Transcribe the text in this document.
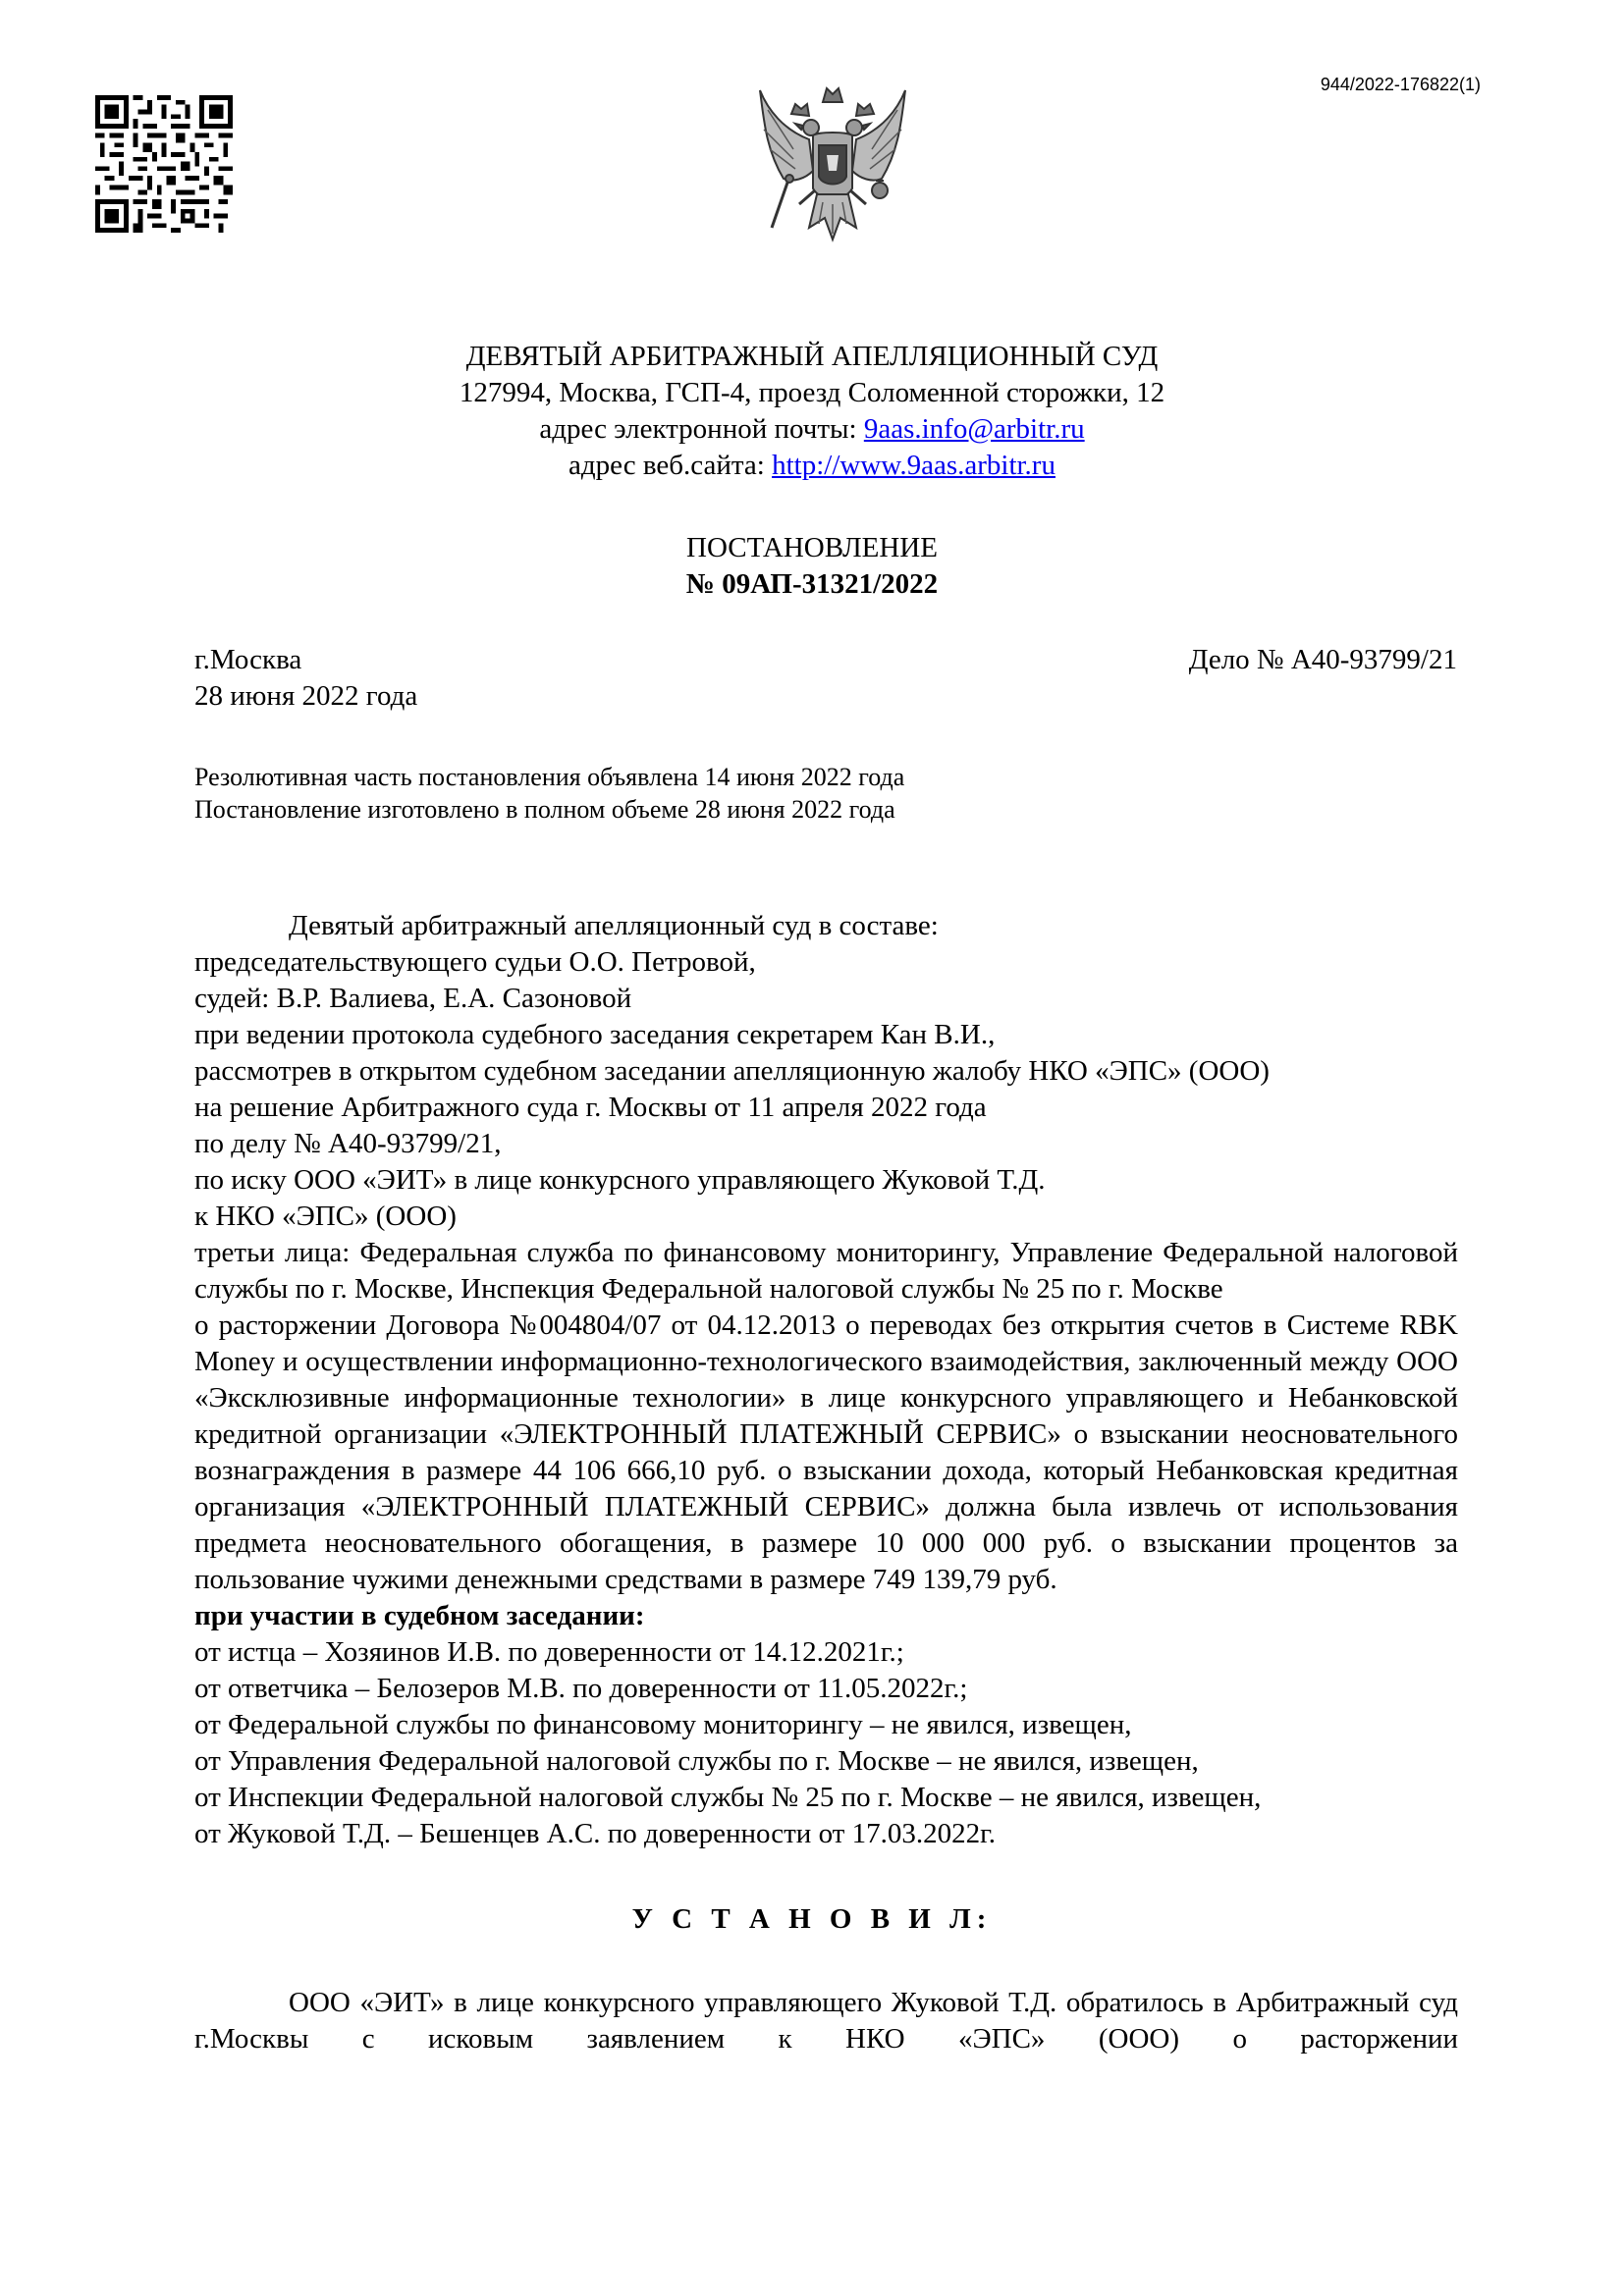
944/2022-176822(1)
ДЕВЯТЫЙ АРБИТРАЖНЫЙ АПЕЛЛЯЦИОННЫЙ СУД
127994, Москва, ГСП-4, проезд Соломенной сторожки, 12
адрес электронной почты: 9aas.info@arbitr.ru
адрес веб.сайта: http://www.9aas.arbitr.ru
ПОСТАНОВЛЕНИЕ
№ 09АП-31321/2022
г.Москва
28 июня 2022 года
Дело № А40-93799/21
Резолютивная часть постановления объявлена 14 июня 2022 года
Постановление изготовлено в полном объеме 28 июня 2022 года
Девятый арбитражный апелляционный суд в составе:
председательствующего судьи О.О. Петровой,
судей: В.Р. Валиева, Е.А. Сазоновой
при ведении протокола судебного заседания секретарем Кан В.И.,
рассмотрев в открытом судебном заседании апелляционную жалобу НКО «ЭПС» (ООО)
на решение Арбитражного суда г. Москвы от 11 апреля 2022 года
по делу № А40-93799/21,
по иску ООО «ЭИТ» в лице конкурсного управляющего Жуковой Т.Д.
к НКО «ЭПС» (ООО)
третьи лица: Федеральная служба по финансовому мониторингу, Управление Федеральной налоговой службы по г. Москве, Инспекция Федеральной налоговой службы № 25 по г. Москве
о расторжении Договора №004804/07 от 04.12.2013 о переводах без открытия счетов в Системе RBK Money и осуществлении информационно-технологического взаимодействия, заключенный между ООО «Эксклюзивные информационные технологии» в лице конкурсного управляющего и Небанковской кредитной организации «ЭЛЕКТРОННЫЙ ПЛАТЕЖНЫЙ СЕРВИС» о взыскании неосновательного вознаграждения в размере 44 106 666,10 руб. о взыскании дохода, который Небанковская кредитная организация «ЭЛЕКТРОННЫЙ ПЛАТЕЖНЫЙ СЕРВИС» должна была извлечь от использования предмета неосновательного обогащения, в размере 10 000 000 руб. о взыскании процентов за пользование чужими денежными средствами в размере 749 139,79 руб.
при участии в судебном заседании:
от истца – Хозяинов И.В. по доверенности от 14.12.2021г.;
от ответчика – Белозеров М.В. по доверенности от 11.05.2022г.;
от Федеральной службы по финансовому мониторингу – не явился, извещен,
от Управления Федеральной налоговой службы по г. Москве – не явился, извещен,
от Инспекции Федеральной налоговой службы № 25 по г. Москве – не явился, извещен,
от Жуковой Т.Д. – Бешенцев А.С. по доверенности от 17.03.2022г.
У С Т А Н О В И Л:
ООО «ЭИТ» в лице конкурсного управляющего Жуковой Т.Д. обратилось в Арбитражный суд г.Москвы с исковым заявлением к НКО «ЭПС» (ООО) о расторжении
